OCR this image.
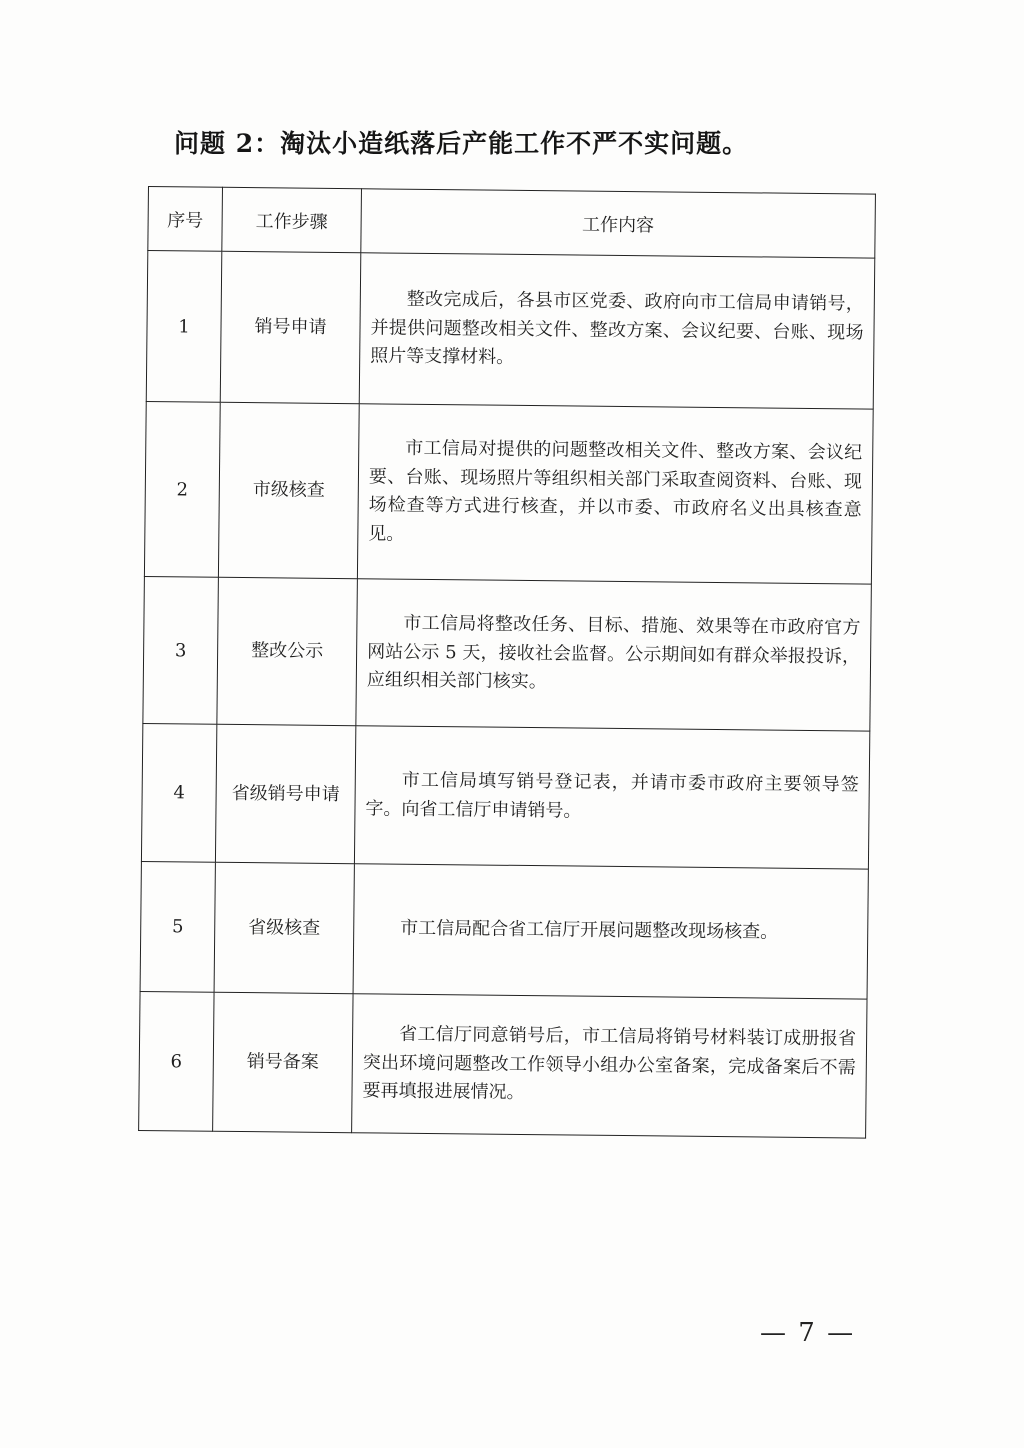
问题 2：淘汰小造纸落后产能工作不严不实问题。
序号	工作步骤	工作内容
1	销号申请	整改完成后，各县市区党委、政府向市工信局申请销号，并提供问题整改相关文件、整改方案、会议纪要、台账、现场照片等支撑材料。
2	市级核查	市工信局对提供的问题整改相关文件、整改方案、会议纪要、台账、现场照片等组织相关部门采取查阅资料、台账、现场检查等方式进行核查，并以市委、市政府名义出具核查意见。
3	整改公示	市工信局将整改任务、目标、措施、效果等在市政府官方网站公示 5 天，接收社会监督。公示期间如有群众举报投诉，应组织相关部门核实。
4	省级销号申请	市工信局填写销号登记表，并请市委市政府主要领导签字。向省工信厅申请销号。
5	省级核查	市工信局配合省工信厅开展问题整改现场核查。
6	销号备案	省工信厅同意销号后，市工信局将销号材料装订成册报省突出环境问题整改工作领导小组办公室备案，完成备案后不需要再填报进展情况。
— 7 —
